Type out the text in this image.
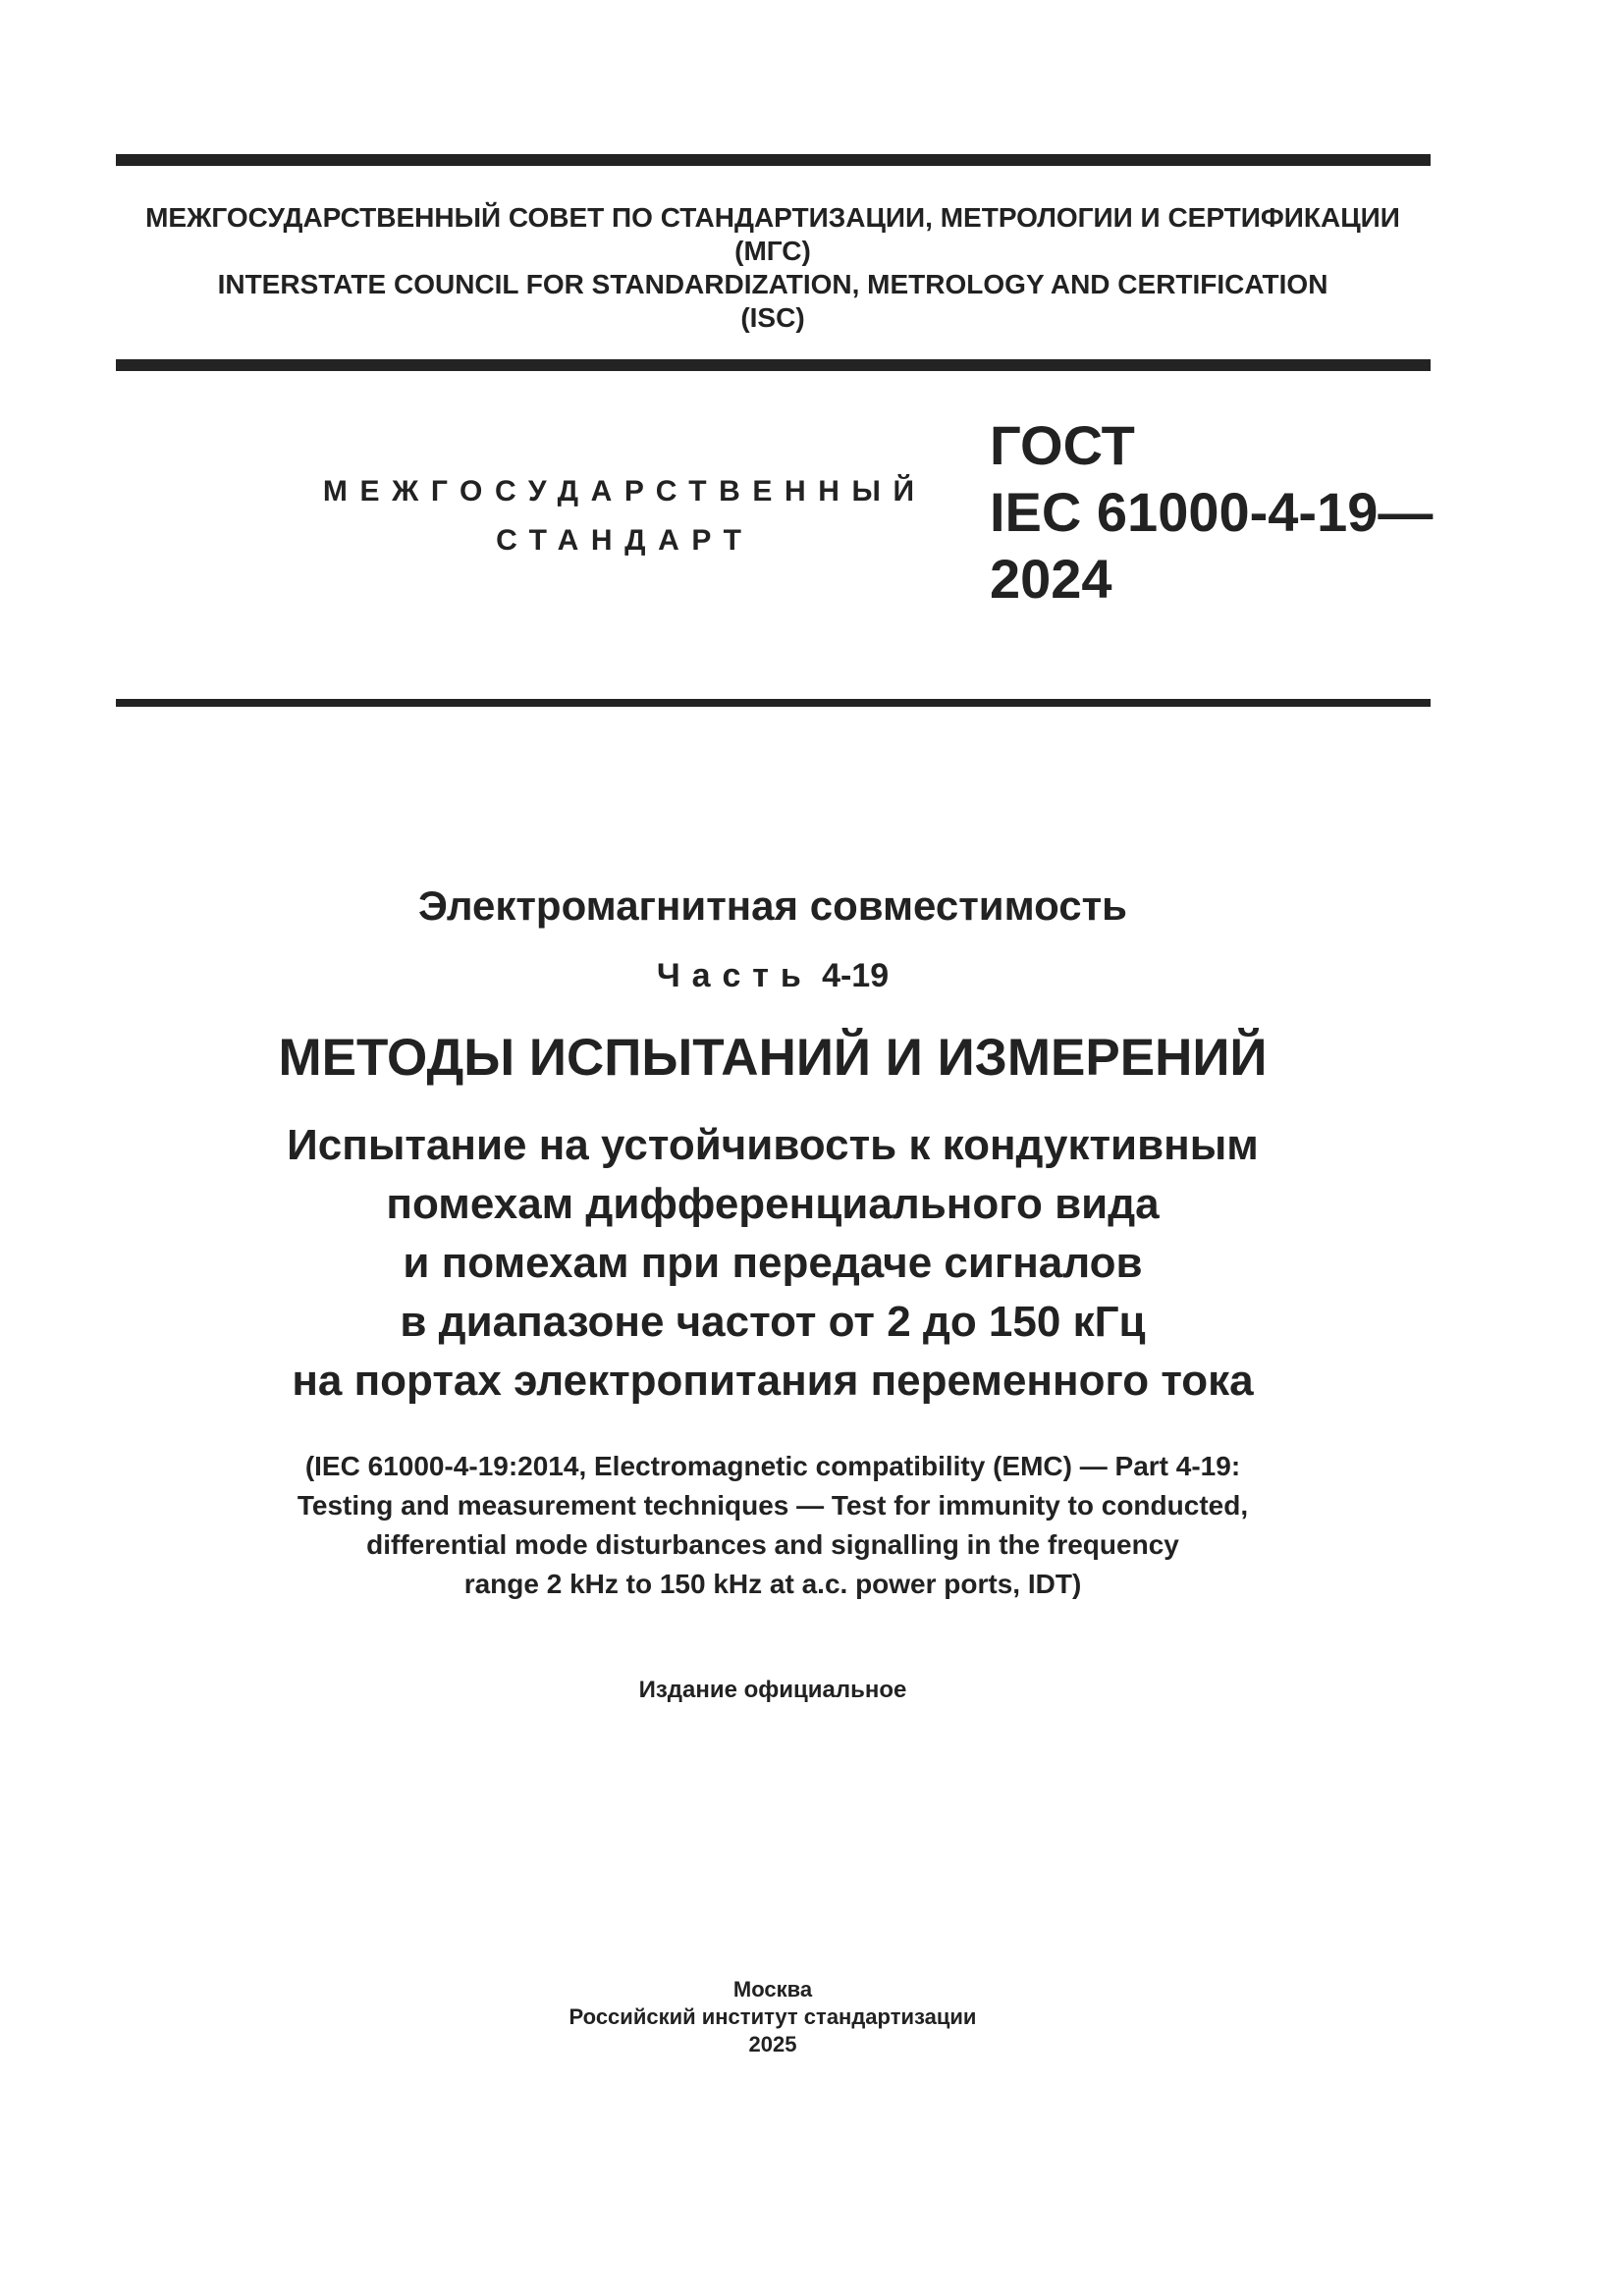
МЕЖГОСУДАРСТВЕННЫЙ СОВЕТ ПО СТАНДАРТИЗАЦИИ, МЕТРОЛОГИИ И СЕРТИФИКАЦИИ
(МГС)
INTERSTATE COUNCIL FOR STANDARDIZATION, METROLOGY AND CERTIFICATION
(ISC)
МЕЖГОСУДАРСТВЕННЫЙ
СТАНДАРТ
ГОСТ
IEC 61000-4-19—
2024
Электромагнитная совместимость
Часть 4-19
МЕТОДЫ ИСПЫТАНИЙ И ИЗМЕРЕНИЙ
Испытание на устойчивость к кондуктивным
помехам дифференциального вида
и помехам при передаче сигналов
в диапазоне частот от 2 до 150 кГц
на портах электропитания переменного тока
(IEC 61000-4-19:2014, Electromagnetic compatibility (EMC) — Part 4-19:
Testing and measurement techniques — Test for immunity to conducted,
differential mode disturbances and signalling in the frequency
range 2 kHz to 150 kHz at a.c. power ports, IDT)
Издание официальное
Москва
Российский институт стандартизации
2025
